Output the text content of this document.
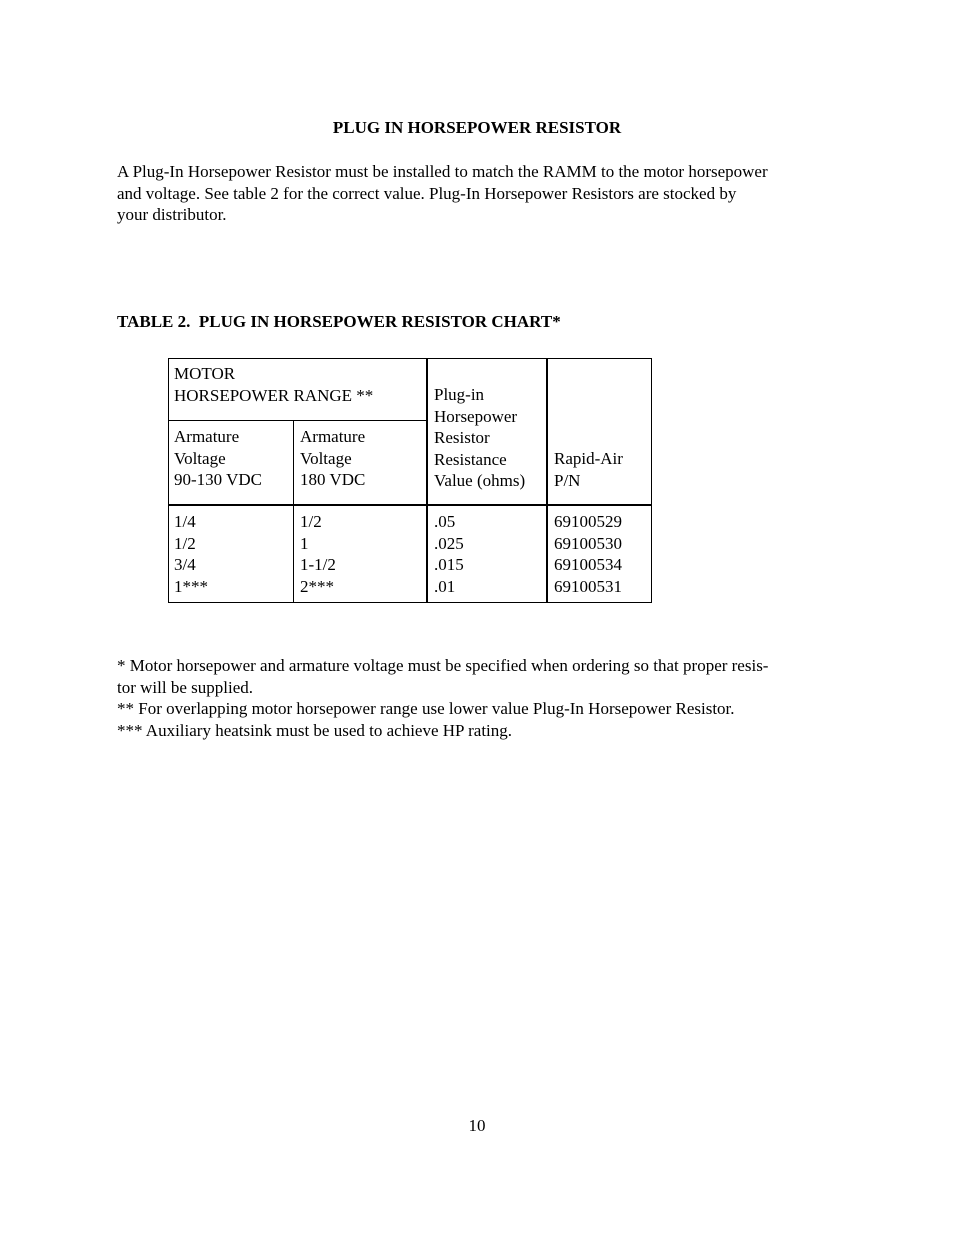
PLUG IN HORSEPOWER RESISTOR
A Plug-In Horsepower Resistor must be installed to match the RAMM to the motor horsepower
and voltage. See table 2 for the correct value. Plug-In Horsepower Resistors are stocked by
your distributor.
TABLE 2.  PLUG IN HORSEPOWER RESISTOR CHART*
MOTOR
HORSEPOWER RANGE **
Armature
Voltage
90-130 VDC
Armature
Voltage
180 VDC
Plug-in
Horsepower
Resistor
Resistance
Value (ohms)
Rapid-Air
P/N
1/4
1/2
3/4
1***
1/2
1
1-1/2
2***
.05
.025
.015
.01
69100529
69100530
69100534
69100531
* Motor horsepower and armature voltage must be specified when ordering so that proper resis-
tor will be supplied.
** For overlapping motor horsepower range use lower value Plug-In Horsepower Resistor.
*** Auxiliary heatsink must be used to achieve HP rating.
10
